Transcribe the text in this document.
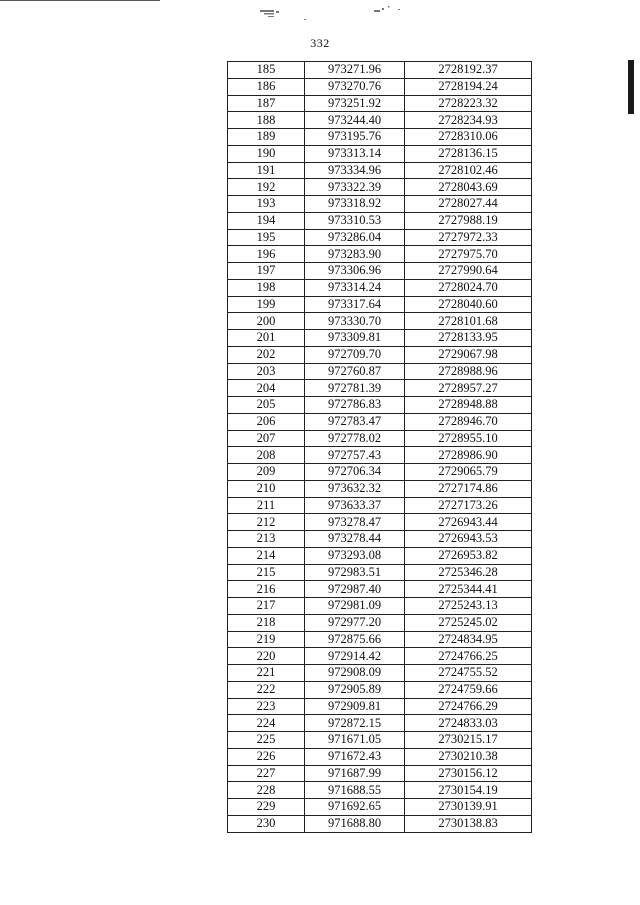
332
185	973271.96	2728192.37
186	973270.76	2728194.24
187	973251.92	2728223.32
188	973244.40	2728234.93
189	973195.76	2728310.06
190	973313.14	2728136.15
191	973334.96	2728102.46
192	973322.39	2728043.69
193	973318.92	2728027.44
194	973310.53	2727988.19
195	973286.04	2727972.33
196	973283.90	2727975.70
197	973306.96	2727990.64
198	973314.24	2728024.70
199	973317.64	2728040.60
200	973330.70	2728101.68
201	973309.81	2728133.95
202	972709.70	2729067.98
203	972760.87	2728988.96
204	972781.39	2728957.27
205	972786.83	2728948.88
206	972783.47	2728946.70
207	972778.02	2728955.10
208	972757.43	2728986.90
209	972706.34	2729065.79
210	973632.32	2727174.86
211	973633.37	2727173.26
212	973278.47	2726943.44
213	973278.44	2726943.53
214	973293.08	2726953.82
215	972983.51	2725346.28
216	972987.40	2725344.41
217	972981.09	2725243.13
218	972977.20	2725245.02
219	972875.66	2724834.95
220	972914.42	2724766.25
221	972908.09	2724755.52
222	972905.89	2724759.66
223	972909.81	2724766.29
224	972872.15	2724833.03
225	971671.05	2730215.17
226	971672.43	2730210.38
227	971687.99	2730156.12
228	971688.55	2730154.19
229	971692.65	2730139.91
230	971688.80	2730138.83
